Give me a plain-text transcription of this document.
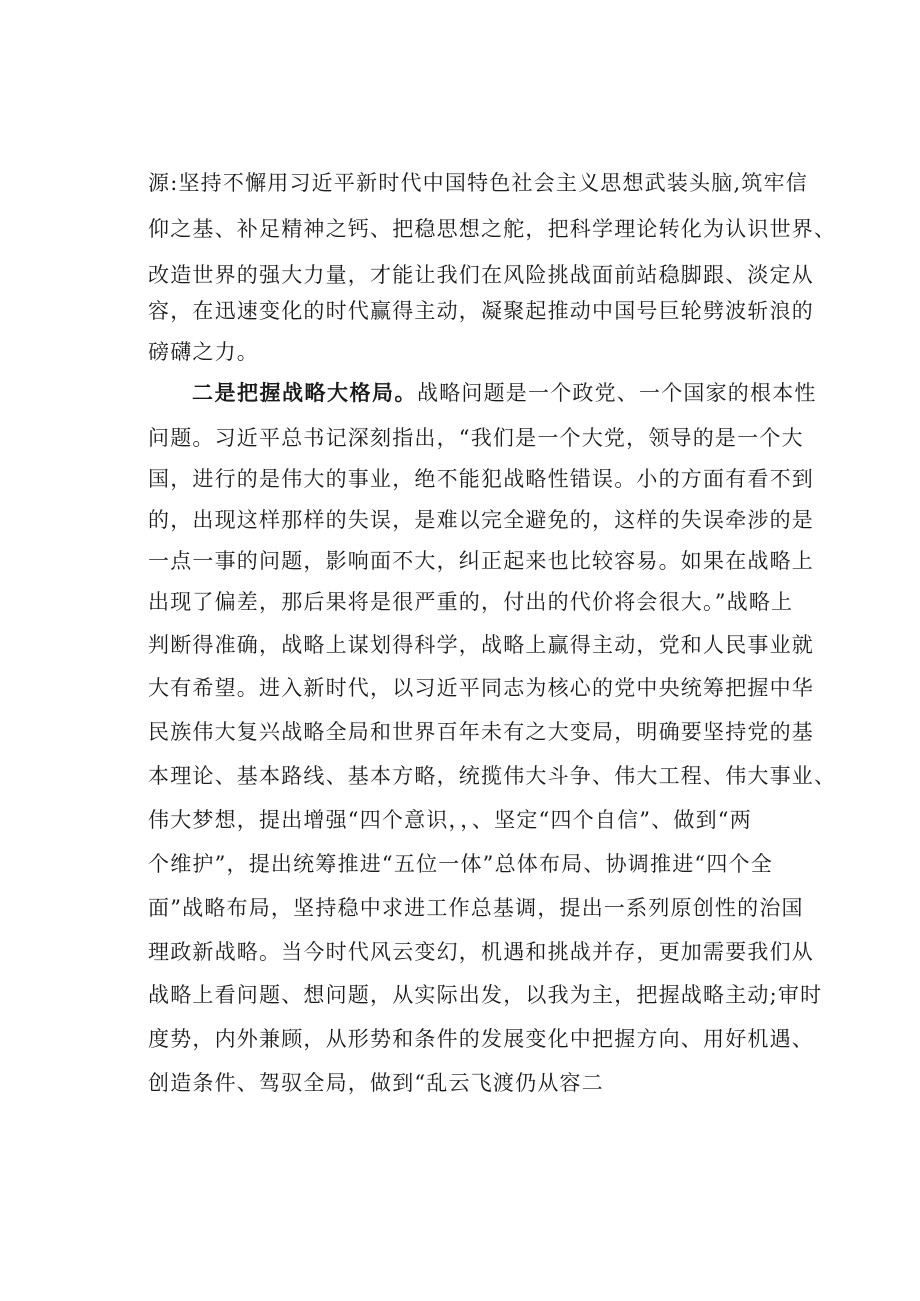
源:坚持不懈用习近平新时代中国特色社会主义思想武装头脑,筑牢信
仰之基、补足精神之钙、把稳思想之舵，把科学理论转化为认识世界、
改造世界的强大力量，才能让我们在风险挑战面前站稳脚跟、淡定从
容，在迅速变化的时代赢得主动，凝聚起推动中国号巨轮劈波斩浪的
磅礴之力。
二是把握战略大格局。战略问题是一个政党、一个国家的根本性
问题。习近平总书记深刻指出，“我们是一个大党，领导的是一个大
国，进行的是伟大的事业，绝不能犯战略性错误。小的方面有看不到
的，出现这样那样的失误，是难以完全避免的，这样的失误牵涉的是
一点一事的问题，影响面不大，纠正起来也比较容易。如果在战略上
出现了偏差，那后果将是很严重的，付出的代价将会很大。”战略上
判断得准确，战略上谋划得科学，战略上赢得主动，党和人民事业就
大有希望。进入新时代，以习近平同志为核心的党中央统筹把握中华
民族伟大复兴战略全局和世界百年未有之大变局，明确要坚持党的基
本理论、基本路线、基本方略，统揽伟大斗争、伟大工程、伟大事业、
伟大梦想，提出增强“四个意识，，、坚定“四个自信”、做到“两
个维护”，提出统筹推进“五位一体”总体布局、协调推进“四个全
面”战略布局，坚持稳中求进工作总基调，提出一系列原创性的治国
理政新战略。当今时代风云变幻，机遇和挑战并存，更加需要我们从
战略上看问题、想问题，从实际出发，以我为主，把握战略主动;审时
度势，内外兼顾，从形势和条件的发展变化中把握方向、用好机遇、
创造条件、驾驭全局，做到“乱云飞渡仍从容二
